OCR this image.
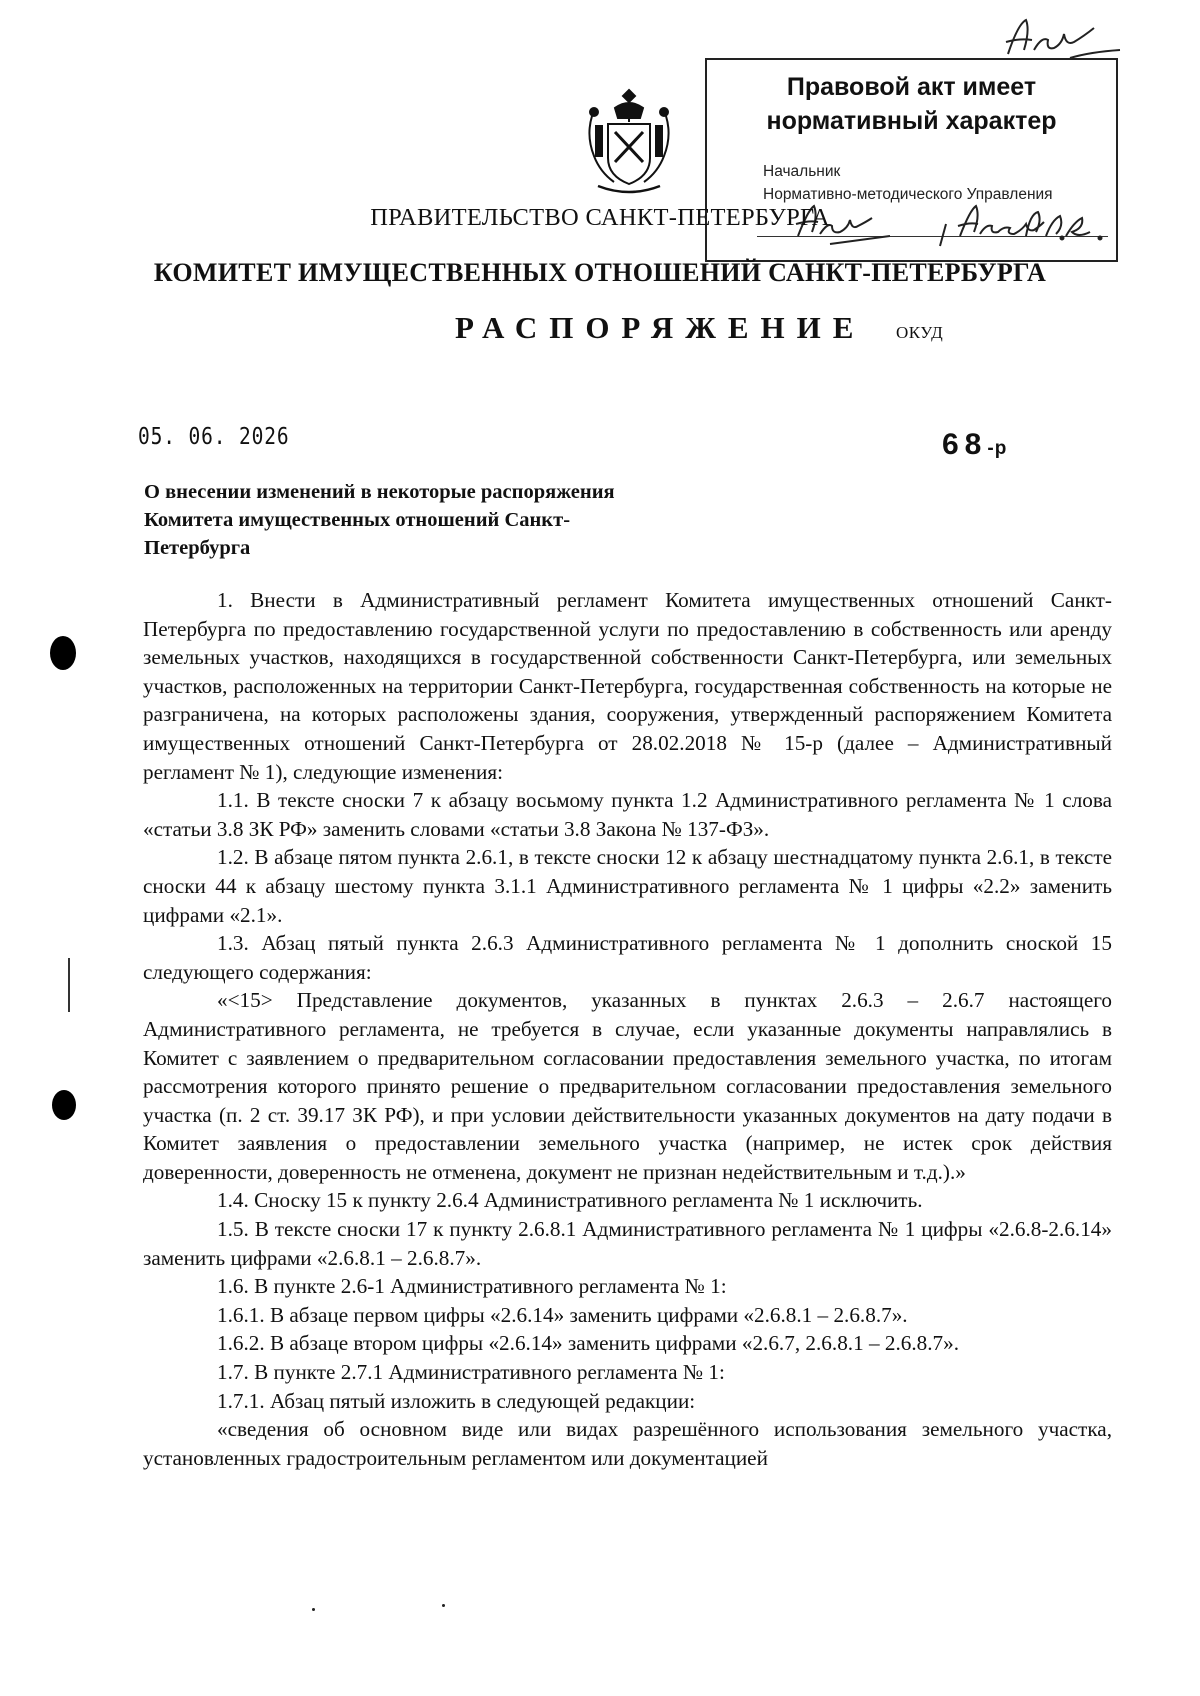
Правовой акт имеет
нормативный характер
Начальник
Нормативно-методического Управления
ПРАВИТЕЛЬСТВО САНКТ-ПЕТЕРБУРГА
КОМИТЕТ ИМУЩЕСТВЕННЫХ ОТНОШЕНИЙ САНКТ-ПЕТЕРБУРГА
РАСПОРЯЖЕНИЕ ОКУД
05. 06. 2026	68-р
О внесении изменений в некоторые распоряжения Комитета имущественных отношений Санкт-Петербурга

1. Внести в Административный регламент Комитета имущественных отношений Санкт-Петербурга по предоставлению государственной услуги по предоставлению в собственность или аренду земельных участков, находящихся в государственной собственности Санкт-Петербурга, или земельных участков, расположенных на территории Санкт-Петербурга, государственная собственность на которые не разграничена, на которых расположены здания, сооружения, утвержденный распоряжением Комитета имущественных отношений Санкт-Петербурга от 28.02.2018 № 15-р (далее – Административный регламент № 1), следующие изменения:

1.1. В тексте сноски 7 к абзацу восьмому пункта 1.2 Административного регламента № 1 слова «статьи 3.8 ЗК РФ» заменить словами «статьи 3.8 Закона № 137-ФЗ».

1.2. В абзаце пятом пункта 2.6.1, в тексте сноски 12 к абзацу шестнадцатому пункта 2.6.1, в тексте сноски 44 к абзацу шестому пункта 3.1.1 Административного регламента № 1 цифры «2.2» заменить цифрами «2.1».

1.3. Абзац пятый пункта 2.6.3 Административного регламента № 1 дополнить сноской 15 следующего содержания:

«<15> Представление документов, указанных в пунктах 2.6.3 – 2.6.7 настоящего Административного регламента, не требуется в случае, если указанные документы направлялись в Комитет с заявлением о предварительном согласовании предоставления земельного участка, по итогам рассмотрения которого принято решение о предварительном согласовании предоставления земельного участка (п. 2 ст. 39.17 ЗК РФ), и при условии действительности указанных документов на дату подачи в Комитет заявления о предоставлении земельного участка (например, не истек срок действия доверенности, доверенность не отменена, документ не признан недействительным и т.д.).»

1.4. Сноску 15 к пункту 2.6.4 Административного регламента № 1 исключить.

1.5. В тексте сноски 17 к пункту 2.6.8.1 Административного регламента № 1 цифры «2.6.8-2.6.14» заменить цифрами «2.6.8.1 – 2.6.8.7».

1.6. В пункте 2.6-1 Административного регламента № 1:

1.6.1. В абзаце первом цифры «2.6.14» заменить цифрами «2.6.8.1 – 2.6.8.7».

1.6.2. В абзаце втором цифры «2.6.14» заменить цифрами «2.6.7, 2.6.8.1 – 2.6.8.7».

1.7. В пункте 2.7.1 Административного регламента № 1:

1.7.1. Абзац пятый изложить в следующей редакции:

«сведения об основном виде или видах разрешённого использования земельного участка, установленных градостроительным регламентом или документацией
